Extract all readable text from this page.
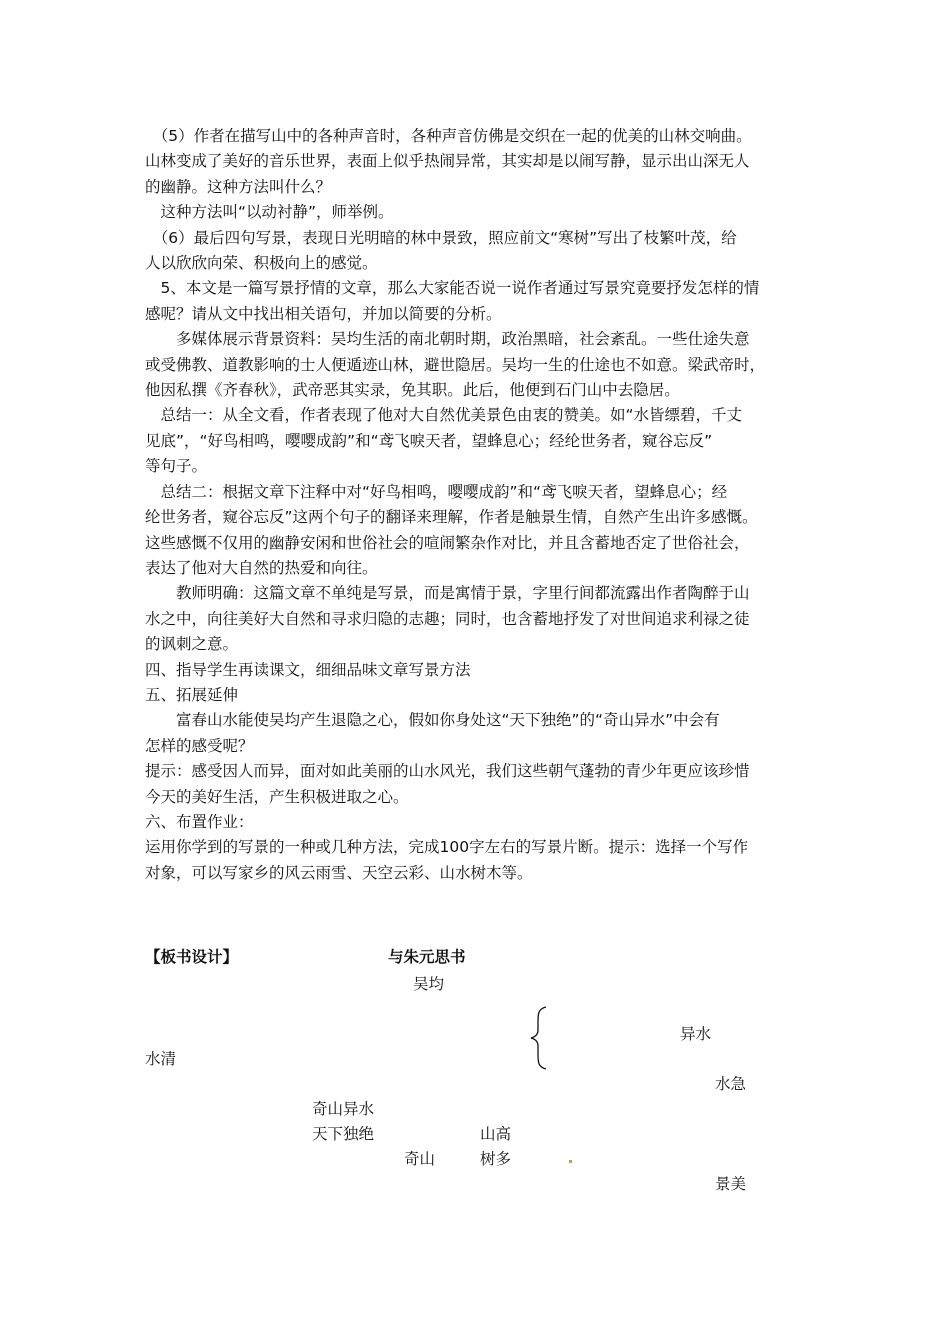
　（5）作者在描写山中的各种声音时，各种声音仿佛是交织在一起的优美的山林交响曲。

山林变成了美好的音乐世界，表面上似乎热闹异常，其实却是以闹写静，显示出山深无人

的幽静。这种方法叫什么？

　这种方法叫“以动衬静”，师举例。

　（6）最后四句写景，表现日光明暗的林中景致，照应前文“寒树”写出了枝繁叶茂，给

人以欣欣向荣、积极向上的感觉。

　5、本文是一篇写景抒情的文章，那么大家能否说一说作者通过写景究竟要抒发怎样的情

感呢？请从文中找出相关语句，并加以简要的分析。

　　多媒体展示背景资料：吴均生活的南北朝时期，政治黑暗，社会紊乱。一些仕途失意

或受佛教、道教影响的士人便遁迹山林，避世隐居。吴均一生的仕途也不如意。梁武帝时，

他因私撰《齐春秋》，武帝恶其实录，免其职。此后，他便到石门山中去隐居。

　总结一：从全文看，作者表现了他对大自然优美景色由衷的赞美。如“水皆缥碧，千丈

见底”，“好鸟相鸣，嘤嘤成韵”和“鸢飞唳天者，望蜂息心；经纶世务者，窥谷忘反”

等句子。

　总结二：根据文章下注释中对“好鸟相鸣，嘤嘤成韵”和“鸢飞唳天者，望蜂息心；经

纶世务者，窥谷忘反”这两个句子的翻译来理解，作者是触景生情，自然产生出许多感慨。

这些感慨不仅用的幽静安闲和世俗社会的喧闹繁杂作对比，并且含蓄地否定了世俗社会，

表达了他对大自然的热爱和向往。

　　教师明确：这篇文章不单纯是写景，而是寓情于景，字里行间都流露出作者陶醉于山

水之中，向往美好大自然和寻求归隐的志趣；同时，也含蓄地抒发了对世间追求利禄之徒

的讽刺之意。

四、指导学生再读课文，细细品味文章写景方法

五、拓展延伸

　　富春山水能使吴均产生退隐之心，假如你身处这“天下独绝”的“奇山异水”中会有

怎样的感受呢？

提示：感受因人而异，面对如此美丽的山水风光，我们这些朝气蓬勃的青少年更应该珍惜

今天的美好生活，产生积极进取之心。

六、布置作业：

运用你学到的写景的一种或几种方法，完成100字左右的写景片断。提示：选择一个写作

对象，可以写家乡的风云雨雪、天空云彩、山水树木等。

【板书设计】	与朱元思书
吴均
异水
水清
水急
奇山异水
天下独绝	山高
奇山	树多
景美
